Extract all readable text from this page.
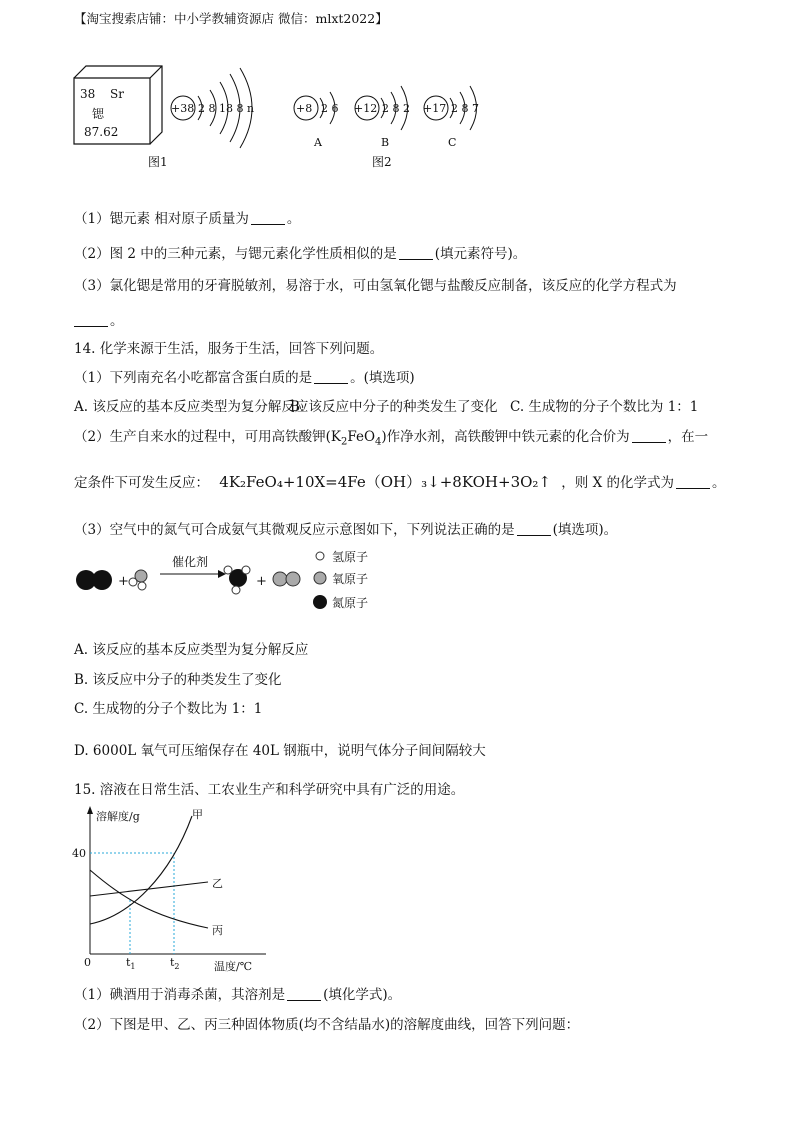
【淘宝搜索店铺：中小学教辅资源店 微信：mlxt2022】
38 Sr
锶
87.62
+38 2 8 18 8 n
图1
+8 2 6
A
+12 2 8 2
B
+17 2 8 7
C
图2
（1）锶元素 相对原子质量为	。
（2）图 2 中的三种元素，与锶元素化学性质相似的是	(填元素符号)。
（3）氯化锶是常用的牙膏脱敏剂，易溶于水，可由氢氧化锶与盐酸反应制备，该反应的化学方程式为
。
14. 化学来源于生活，服务于生活，回答下列问题。
（1）下列南充名小吃都富含蛋白质的是	。(填选项)
A. 该反应的基本反应类型为复分解反应
B. 该反应中分子的种类发生了变化 C. 生成物的分子个数比为 1：1
（2）生产自来水的过程中，可用高铁酸钾$(K_2FeO_4)$作净水剂，高铁酸钾中铁元素的化合价为	，在一
定条件下可发生反应： 4K₂FeO₄+10X=4Fe（OH）₃↓+8KOH+3O₂↑ ，则 X 的化学式为	。
（3）空气中的氮气可合成氨气其微观反应示意图如下，下列说法正确的是	(填选项)。
+
催化剂
+
氢原子
氧原子
氮原子
A. 该反应的基本反应类型为复分解反应
B. 该反应中分子的种类发生了变化
C. 生成物的分子个数比为 1：1
D. 6000L 氧气可压缩保存在 40L 钢瓶中，说明气体分子间间隔较大
15. 溶液在日常生活、工农业生产和科学研究中具有广泛的用途。
溶解度/g
温度/℃
0
40
甲
乙
丙
$t_1$	$t_2$
（1）碘酒用于消毒杀菌，其溶剂是	(填化学式)。
（2）下图是甲、乙、丙三种固体物质(均不含结晶水)的溶解度曲线，回答下列问题：
